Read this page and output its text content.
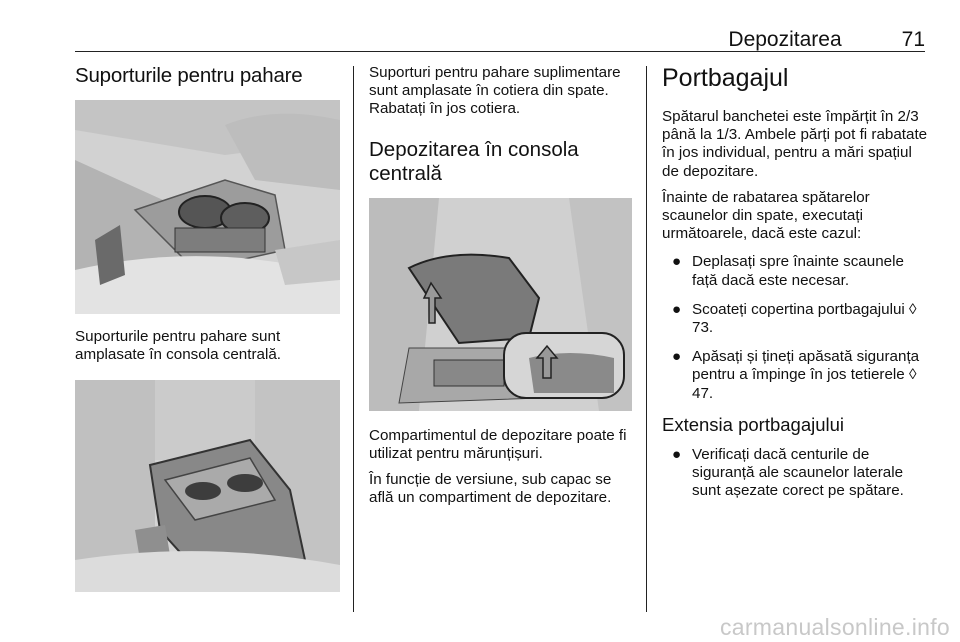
Depozitarea	71
Suporturile pentru pahare

Suporturile pentru pahare sunt amplasate în consola centrală.

Suporturi pentru pahare suplimentare sunt amplasate în cotiera din spate. Rabatați în jos cotiera.

Depozitarea în consola centrală

Compartimentul de depozitare poate fi utilizat pentru mărunțișuri.

În funcție de versiune, sub capac se află un compartiment de depozitare.

Portbagajul

Spătarul banchetei este împărțit în 2/3 până la 1/3. Ambele părți pot fi rabatate în jos individual, pentru a mări spațiul de depozitare.

Înainte de rabatarea spătarelor scaunelor din spate, executați următoarele, dacă este cazul:

● Deplasați spre înainte scaunele față dacă este necesar.
● Scoateți copertina portbagajului ◊ 73.
● Apăsați și țineți apăsată siguranța pentru a împinge în jos tetierele ◊ 47.
Extensia portbagajului
● Verificați dacă centurile de siguranță ale scaunelor laterale sunt așezate corect pe spătare.
carmanualsonline.info
